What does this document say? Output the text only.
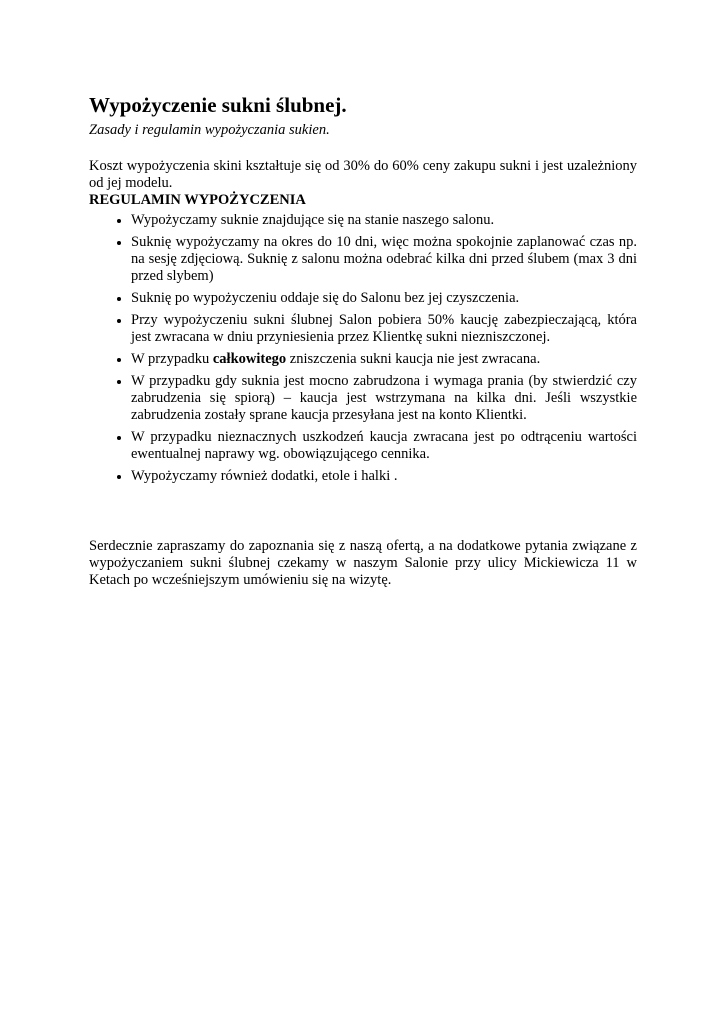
Wypożyczenie sukni ślubnej.
Zasady i regulamin wypożyczania sukien.

Koszt wypożyczenia skini kształtuje się od 30% do 60% ceny zakupu sukni i jest uzależniony od jej modelu.

REGULAMIN WYPOŻYCZENIA
• Wypożyczamy suknie znajdujące się na stanie naszego salonu.
• Suknię wypożyczamy na okres do 10 dni, więc można spokojnie zaplanować czas np. na sesję zdjęciową. Suknię z salonu można odebrać kilka dni przed ślubem (max 3 dni przed slybem)
• Suknię po wypożyczeniu oddaje się do Salonu bez jej czyszczenia.
• Przy wypożyczeniu sukni ślubnej Salon pobiera 50% kaucję zabezpieczającą, która jest zwracana w dniu przyniesienia przez Klientkę sukni niezniszczonej.
• W przypadku całkowitego zniszczenia sukni kaucja nie jest zwracana.
• W przypadku gdy suknia jest mocno zabrudzona i wymaga prania (by stwierdzić czy zabrudzenia się spiorą) – kaucja jest wstrzymana na kilka dni. Jeśli wszystkie zabrudzenia zostały sprane kaucja przesyłana jest na konto Klientki.
• W przypadku nieznacznych uszkodzeń kaucja zwracana jest po odtrąceniu wartości ewentualnej naprawy wg. obowiązującego cennika.
• Wypożyczamy również dodatki, etole i halki .

Serdecznie zapraszamy do zapoznania się z naszą ofertą, a na dodatkowe pytania związane z wypożyczaniem sukni ślubnej czekamy w naszym Salonie przy ulicy Mickiewicza 11 w Ketach po wcześniejszym umówieniu się na wizytę.
